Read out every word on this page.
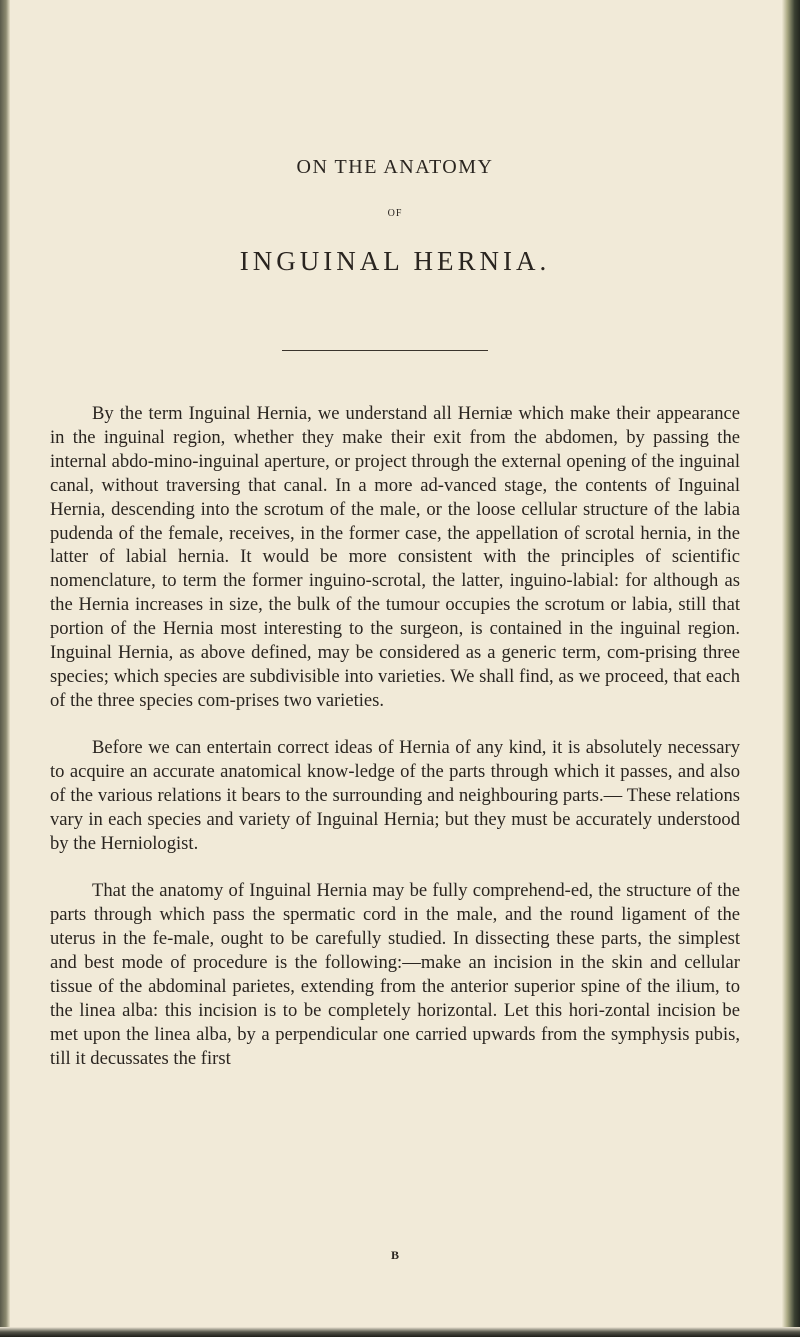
ON THE ANATOMY
OF
INGUINAL HERNIA.

By the term Inguinal Hernia, we understand all Herniæ which make their appearance in the inguinal region, whether they make their exit from the abdomen, by passing the internal abdo-mino-inguinal aperture, or project through the external opening of the inguinal canal, without traversing that canal. In a more ad-vanced stage, the contents of Inguinal Hernia, descending into the scrotum of the male, or the loose cellular structure of the labia pudenda of the female, receives, in the former case, the appellation of scrotal hernia, in the latter of labial hernia. It would be more consistent with the principles of scientific nomenclature, to term the former inguino-scrotal, the latter, inguino-labial: for although as the Hernia increases in size, the bulk of the tumour occupies the scrotum or labia, still that portion of the Hernia most interesting to the surgeon, is contained in the inguinal region. Inguinal Hernia, as above defined, may be considered as a generic term, com-prising three species; which species are subdivisible into varieties. We shall find, as we proceed, that each of the three species com-prises two varieties.

Before we can entertain correct ideas of Hernia of any kind, it is absolutely necessary to acquire an accurate anatomical know-ledge of the parts through which it passes, and also of the various relations it bears to the surrounding and neighbouring parts.— These relations vary in each species and variety of Inguinal Hernia; but they must be accurately understood by the Herniologist.

That the anatomy of Inguinal Hernia may be fully comprehend-ed, the structure of the parts through which pass the spermatic cord in the male, and the round ligament of the uterus in the fe-male, ought to be carefully studied. In dissecting these parts, the simplest and best mode of procedure is the following:—make an incision in the skin and cellular tissue of the abdominal parietes, extending from the anterior superior spine of the ilium, to the linea alba: this incision is to be completely horizontal. Let this hori-zontal incision be met upon the linea alba, by a perpendicular one carried upwards from the symphysis pubis, till it decussates the first

B
